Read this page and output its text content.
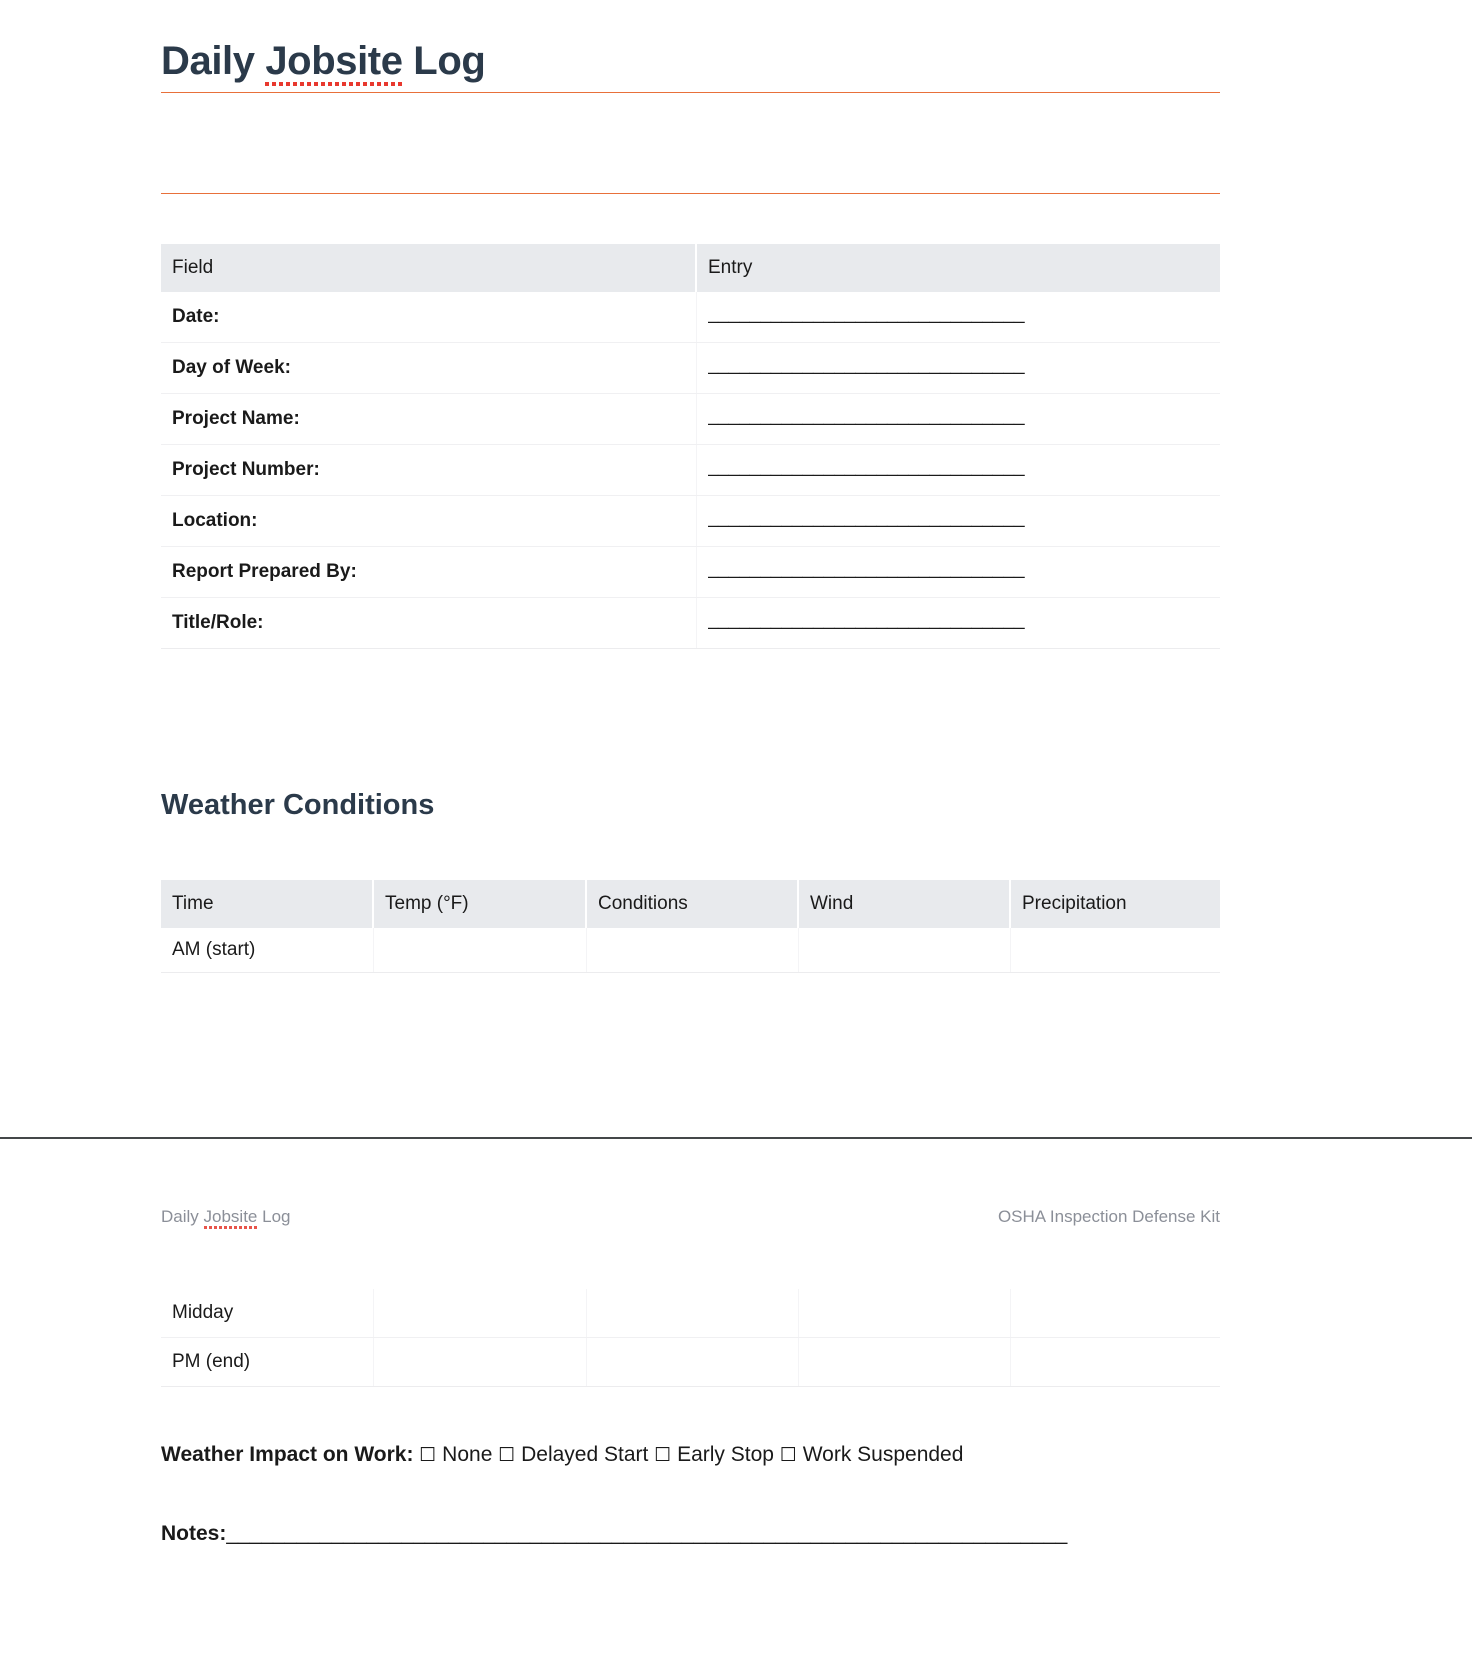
Daily Jobsite Log
Field	Entry
Date:	______________________________
Day of Week:	______________________________
Project Name:	______________________________
Project Number:	______________________________
Location:	______________________________
Report Prepared By:	______________________________
Title/Role:	______________________________
Weather Conditions
Time	Temp (°F)	Conditions	Wind	Precipitation
AM (start)				
Daily Jobsite Log	OSHA Inspection Defense Kit
Midday				
PM (end)				
Weather Impact on Work: ☐ None ☐ Delayed Start ☐ Early Stop ☐ Work Suspended
Notes:________________________________________________________________________
